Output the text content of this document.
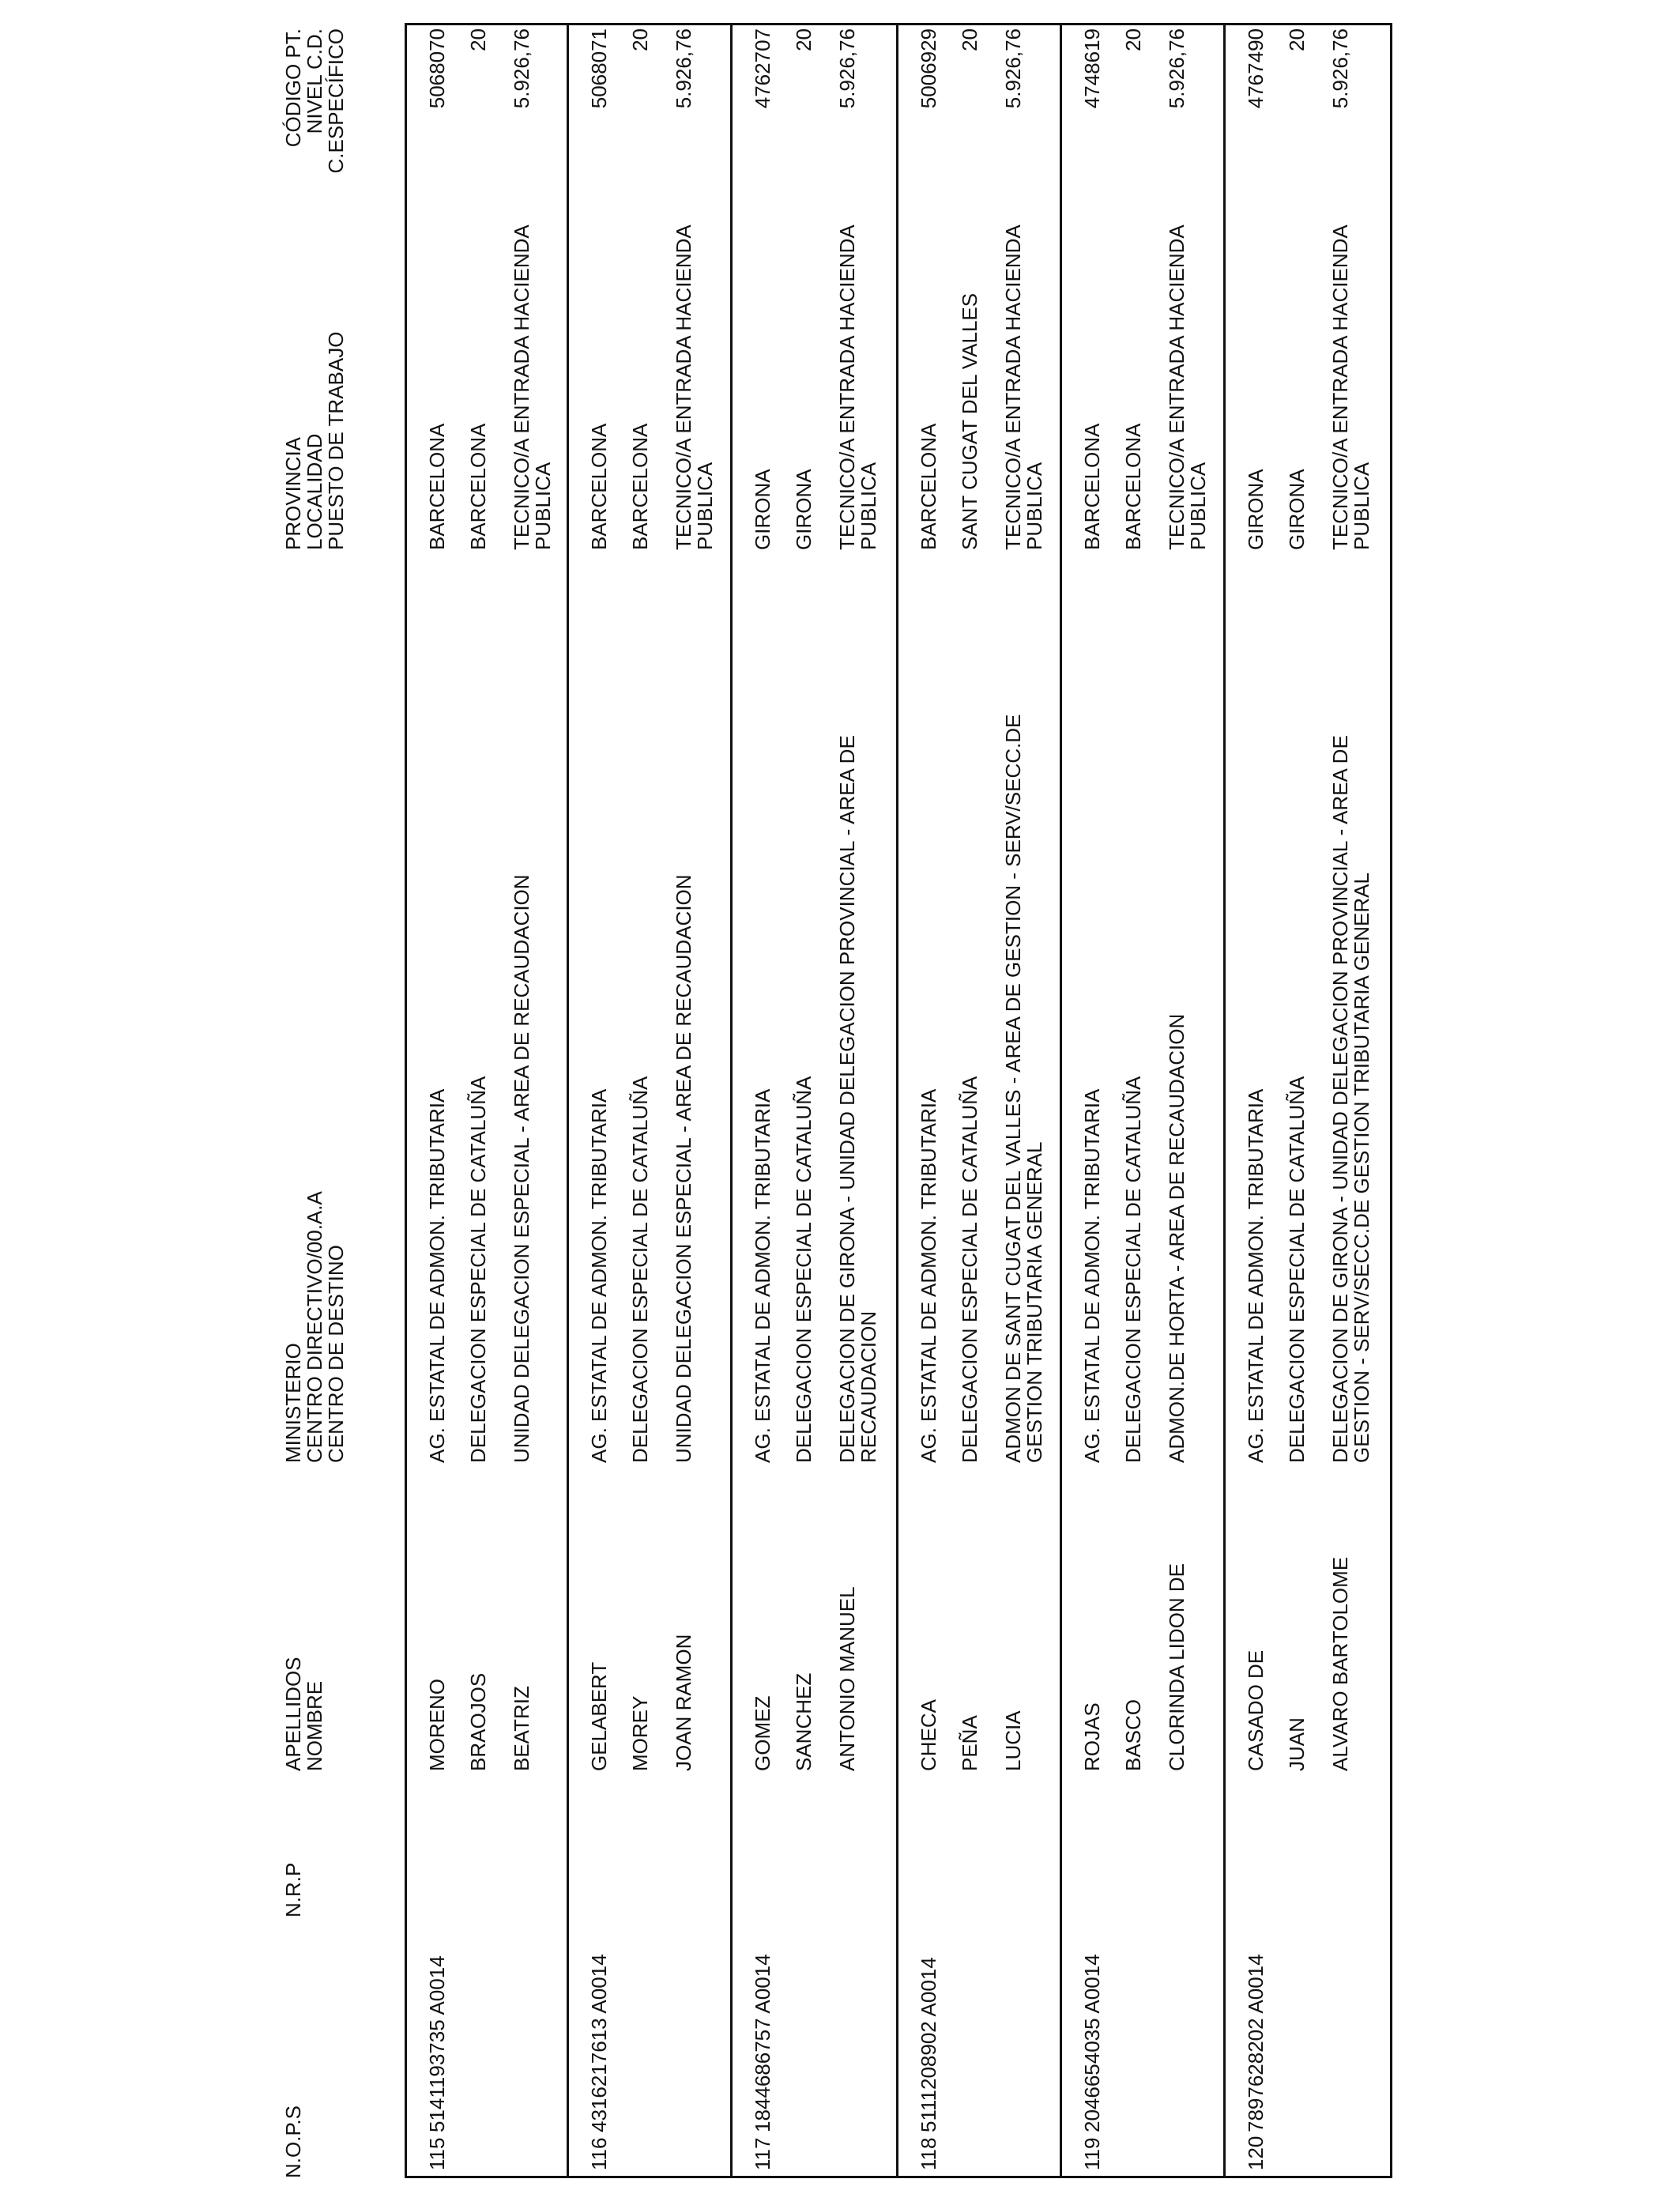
N.O.P.S
N.R.P
APELLIDOS
NOMBRE
MINISTERIO
CENTRO DIRECTIVO/00.A.A
CENTRO DE DESTINO
PROVINCIA
LOCALIDAD
PUESTO DE TRABAJO
CÓDIGO PT.
NIVEL C.D.
C.ESPECÍFICO
115
5141193735 A0014
MORENO BRAOJOS BEATRIZ
AG. ESTATAL DE ADMON. TRIBUTARIA DELEGACION ESPECIAL DE CATALUÑA UNIDAD DELEGACION ESPECIAL - AREA DE RECAUDACION
BARCELONA BARCELONA TECNICO/A ENTRADA HACIENDA
PUBLICA
5068070 20 5.926,76
116
4316217613 A0014
GELABERT MOREY JOAN RAMON
AG. ESTATAL DE ADMON. TRIBUTARIA DELEGACION ESPECIAL DE CATALUÑA UNIDAD DELEGACION ESPECIAL - AREA DE RECAUDACION
BARCELONA BARCELONA TECNICO/A ENTRADA HACIENDA
PUBLICA
5068071 20 5.926,76
117
1844686757 A0014
GOMEZ SANCHEZ ANTONIO MANUEL
AG. ESTATAL DE ADMON. TRIBUTARIA DELEGACION ESPECIAL DE CATALUÑA DELEGACION DE GIRONA - UNIDAD DELEGACION PROVINCIAL - AREA DE
RECAUDACION
GIRONA GIRONA TECNICO/A ENTRADA HACIENDA
PUBLICA
4762707 20 5.926,76
118
5111208902 A0014
CHECA PEÑA LUCIA
AG. ESTATAL DE ADMON. TRIBUTARIA DELEGACION ESPECIAL DE CATALUÑA ADMON DE SANT CUGAT DEL VALLES - AREA DE GESTION - SERV/SECC.DE
GESTION TRIBUTARIA GENERAL
BARCELONA SANT CUGAT DEL VALLES TECNICO/A ENTRADA HACIENDA
PUBLICA
5006929 20 5.926,76
119
2046654035 A0014
ROJAS BASCO CLORINDA LIDON DE
AG. ESTATAL DE ADMON. TRIBUTARIA DELEGACION ESPECIAL DE CATALUÑA ADMON.DE HORTA - AREA DE RECAUDACION
BARCELONA BARCELONA TECNICO/A ENTRADA HACIENDA
PUBLICA
4748619 20 5.926,76
120
7897628202 A0014
CASADO DE JUAN ALVARO BARTOLOME
AG. ESTATAL DE ADMON. TRIBUTARIA DELEGACION ESPECIAL DE CATALUÑA DELEGACION DE GIRONA - UNIDAD DELEGACION PROVINCIAL - AREA DE
GESTION - SERV/SECC.DE GESTION TRIBUTARIA GENERAL
GIRONA GIRONA TECNICO/A ENTRADA HACIENDA
PUBLICA
4767490 20 5.926,76
